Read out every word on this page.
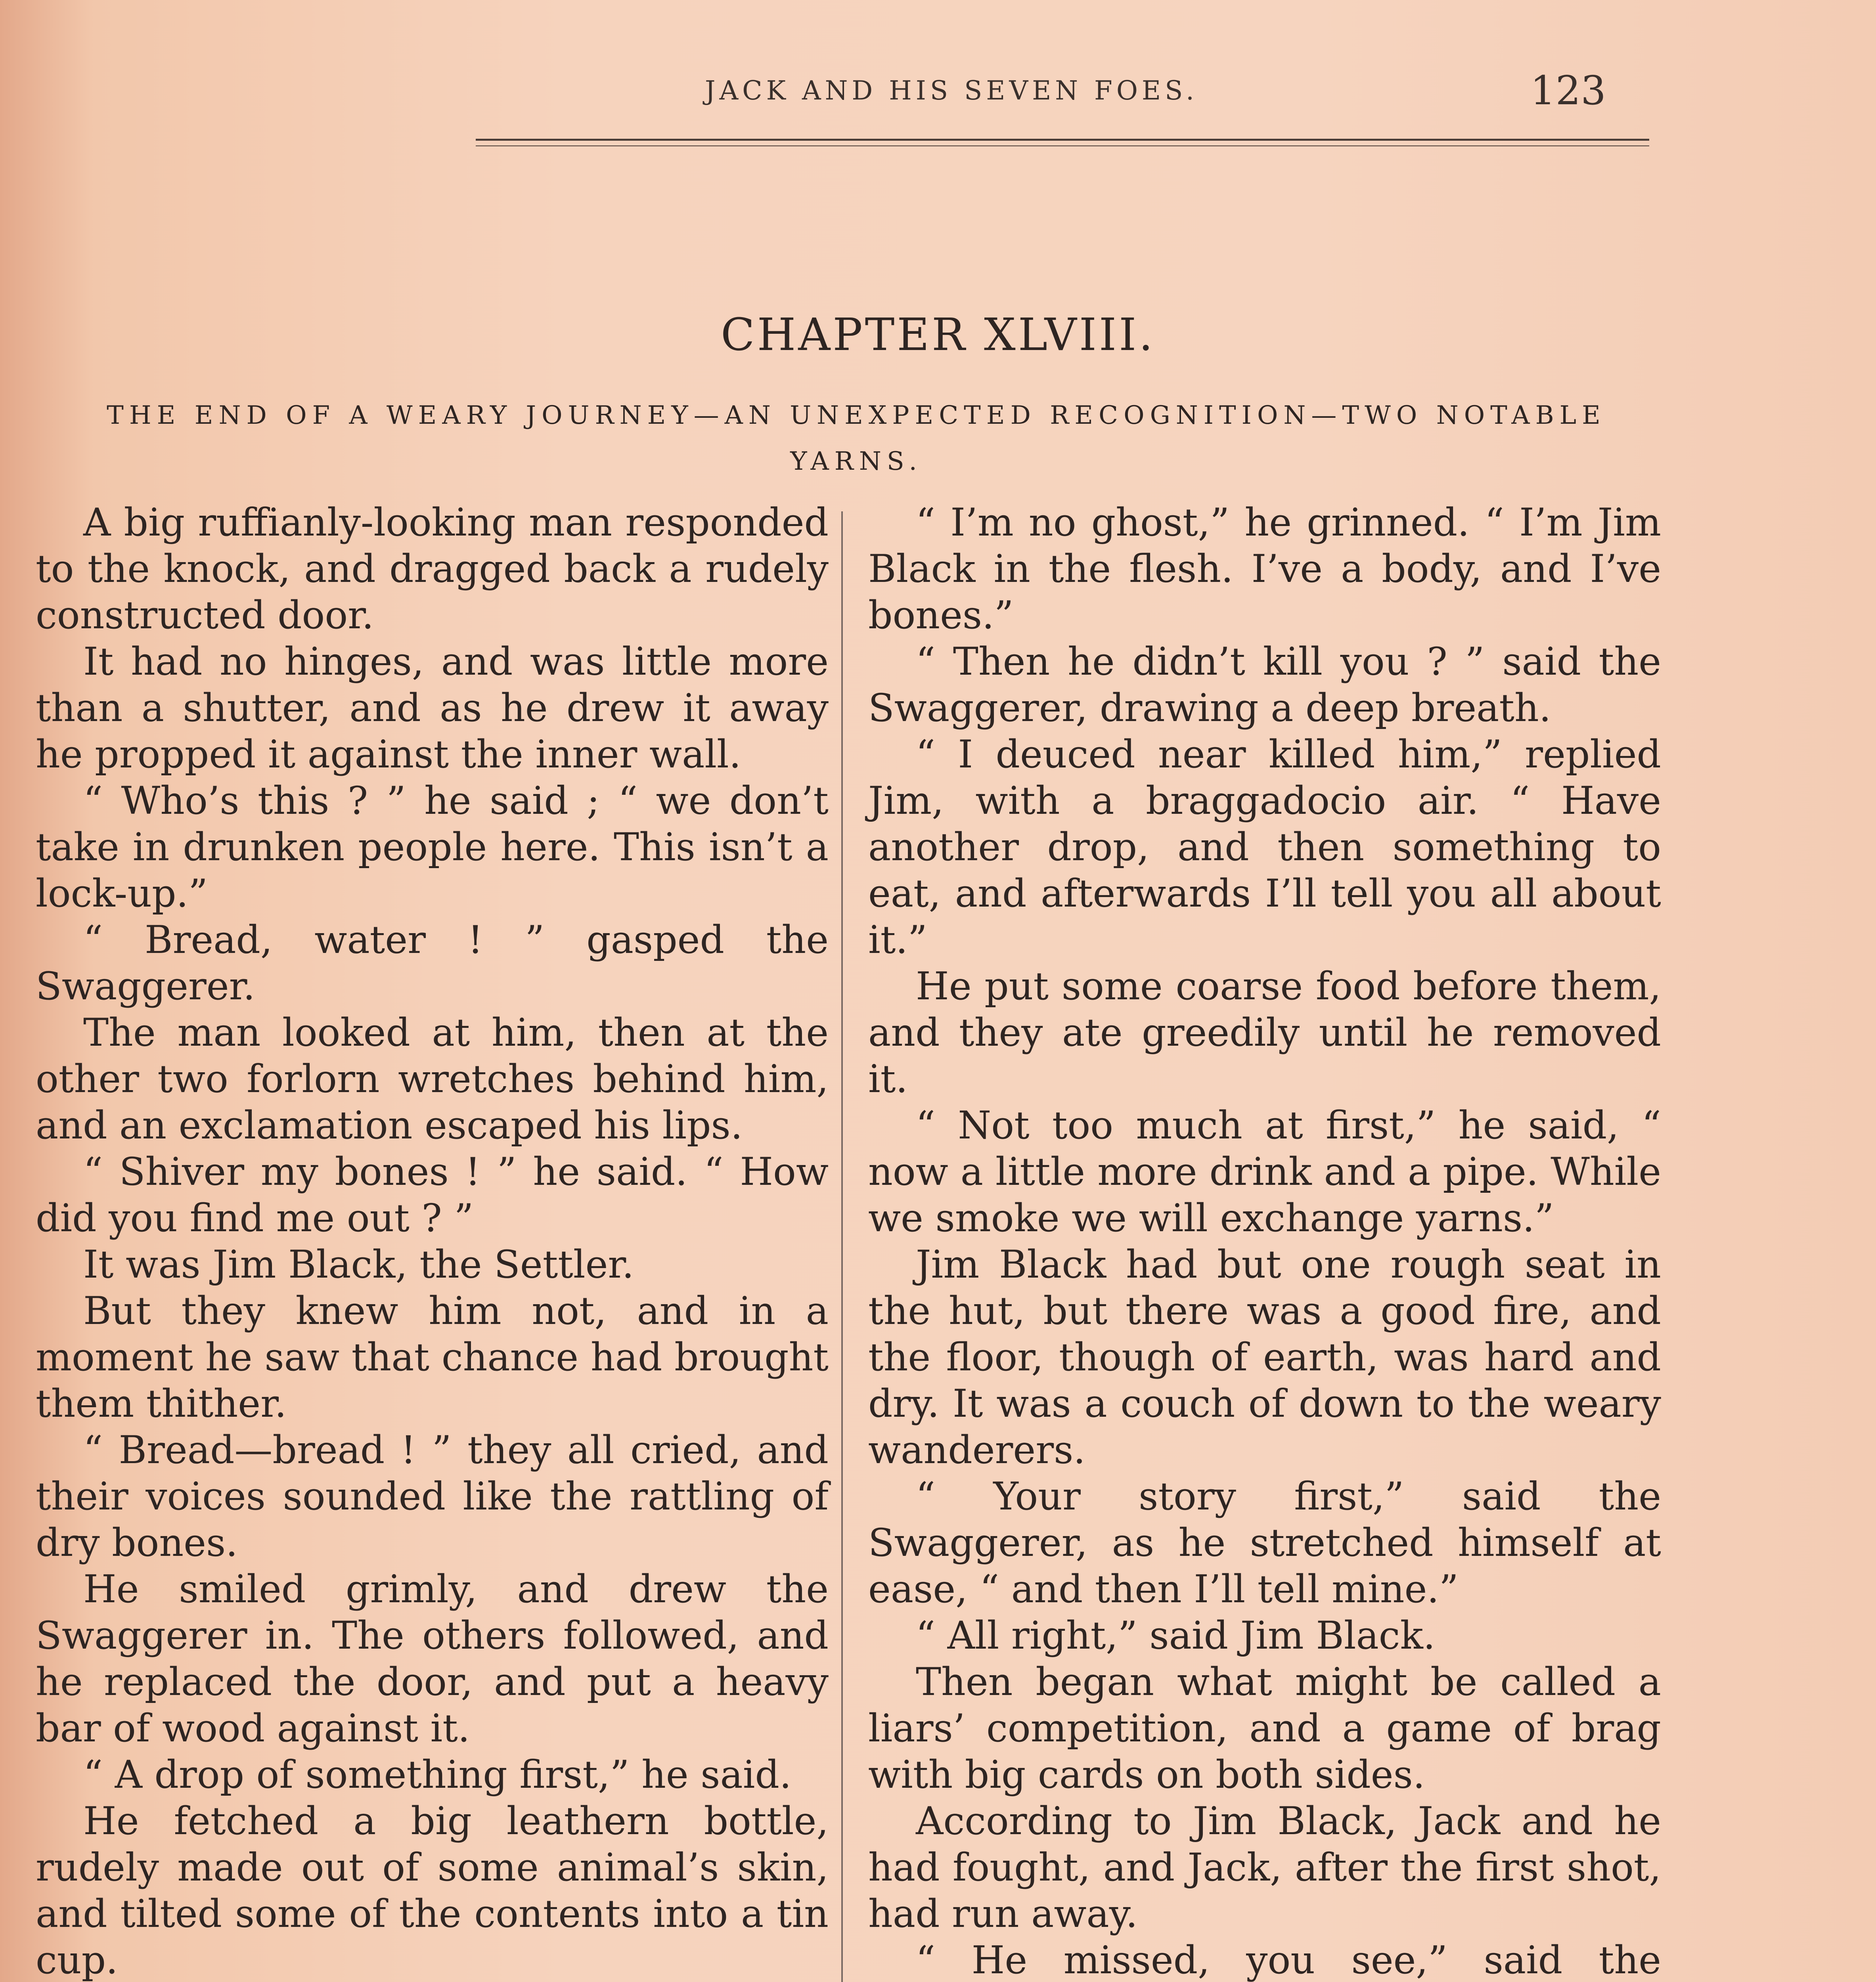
JACK AND HIS SEVEN FOES.	123
CHAPTER XLVIII.
THE END OF A WEARY JOURNEY—AN UNEXPECTED RECOGNITION—TWO NOTABLE YARNS.

A big ruffianly-looking man responded to the knock, and dragged back a rudely constructed door.

It had no hinges, and was little more than a shutter, and as he drew it away he propped it against the inner wall.

“ Who’s this ? ” he said ; “ we don’t take in drunken people here. This isn’t a lock-up.”

“ Bread, water ! ” gasped the Swaggerer.

The man looked at him, then at the other two forlorn wretches behind him, and an exclamation escaped his lips.

“ Shiver my bones ! ” he said. “ How did you find me out ? ”

It was Jim Black, the Settler.

But they knew him not, and in a moment he saw that chance had brought them thither.

“ Bread—bread ! ” they all cried, and their voices sounded like the rattling of dry bones.

He smiled grimly, and drew the Swaggerer in. The others followed, and he replaced the door, and put a heavy bar of wood against it.

“ A drop of something first,” he said.

He fetched a big leathern bottle, rudely made out of some animal’s skin, and tilted some of the contents into a tin cup.

“ I’m no ghost,” he grinned. “ I’m Jim Black in the flesh. I’ve a body, and I’ve bones.”

“ Then he didn’t kill you ? ” said the Swaggerer, drawing a deep breath.

“ I deuced near killed him,” replied Jim, with a braggadocio air. “ Have another drop, and then something to eat, and afterwards I’ll tell you all about it.”

He put some coarse food before them, and they ate greedily until he removed it.

“ Not too much at first,” he said, “ now a little more drink and a pipe. While we smoke we will exchange yarns.”

Jim Black had but one rough seat in the hut, but there was a good fire, and the floor, though of earth, was hard and dry. It was a couch of down to the weary wanderers.

“ Your story first,” said the Swaggerer, as he stretched himself at ease, “ and then I’ll tell mine.”

“ All right,” said Jim Black.

Then began what might be called a liars’ competition, and a game of brag with big cards on both sides.

According to Jim Black, Jack and he had fought, and Jack, after the first shot, had run away.

“ He missed, you see,” said the
